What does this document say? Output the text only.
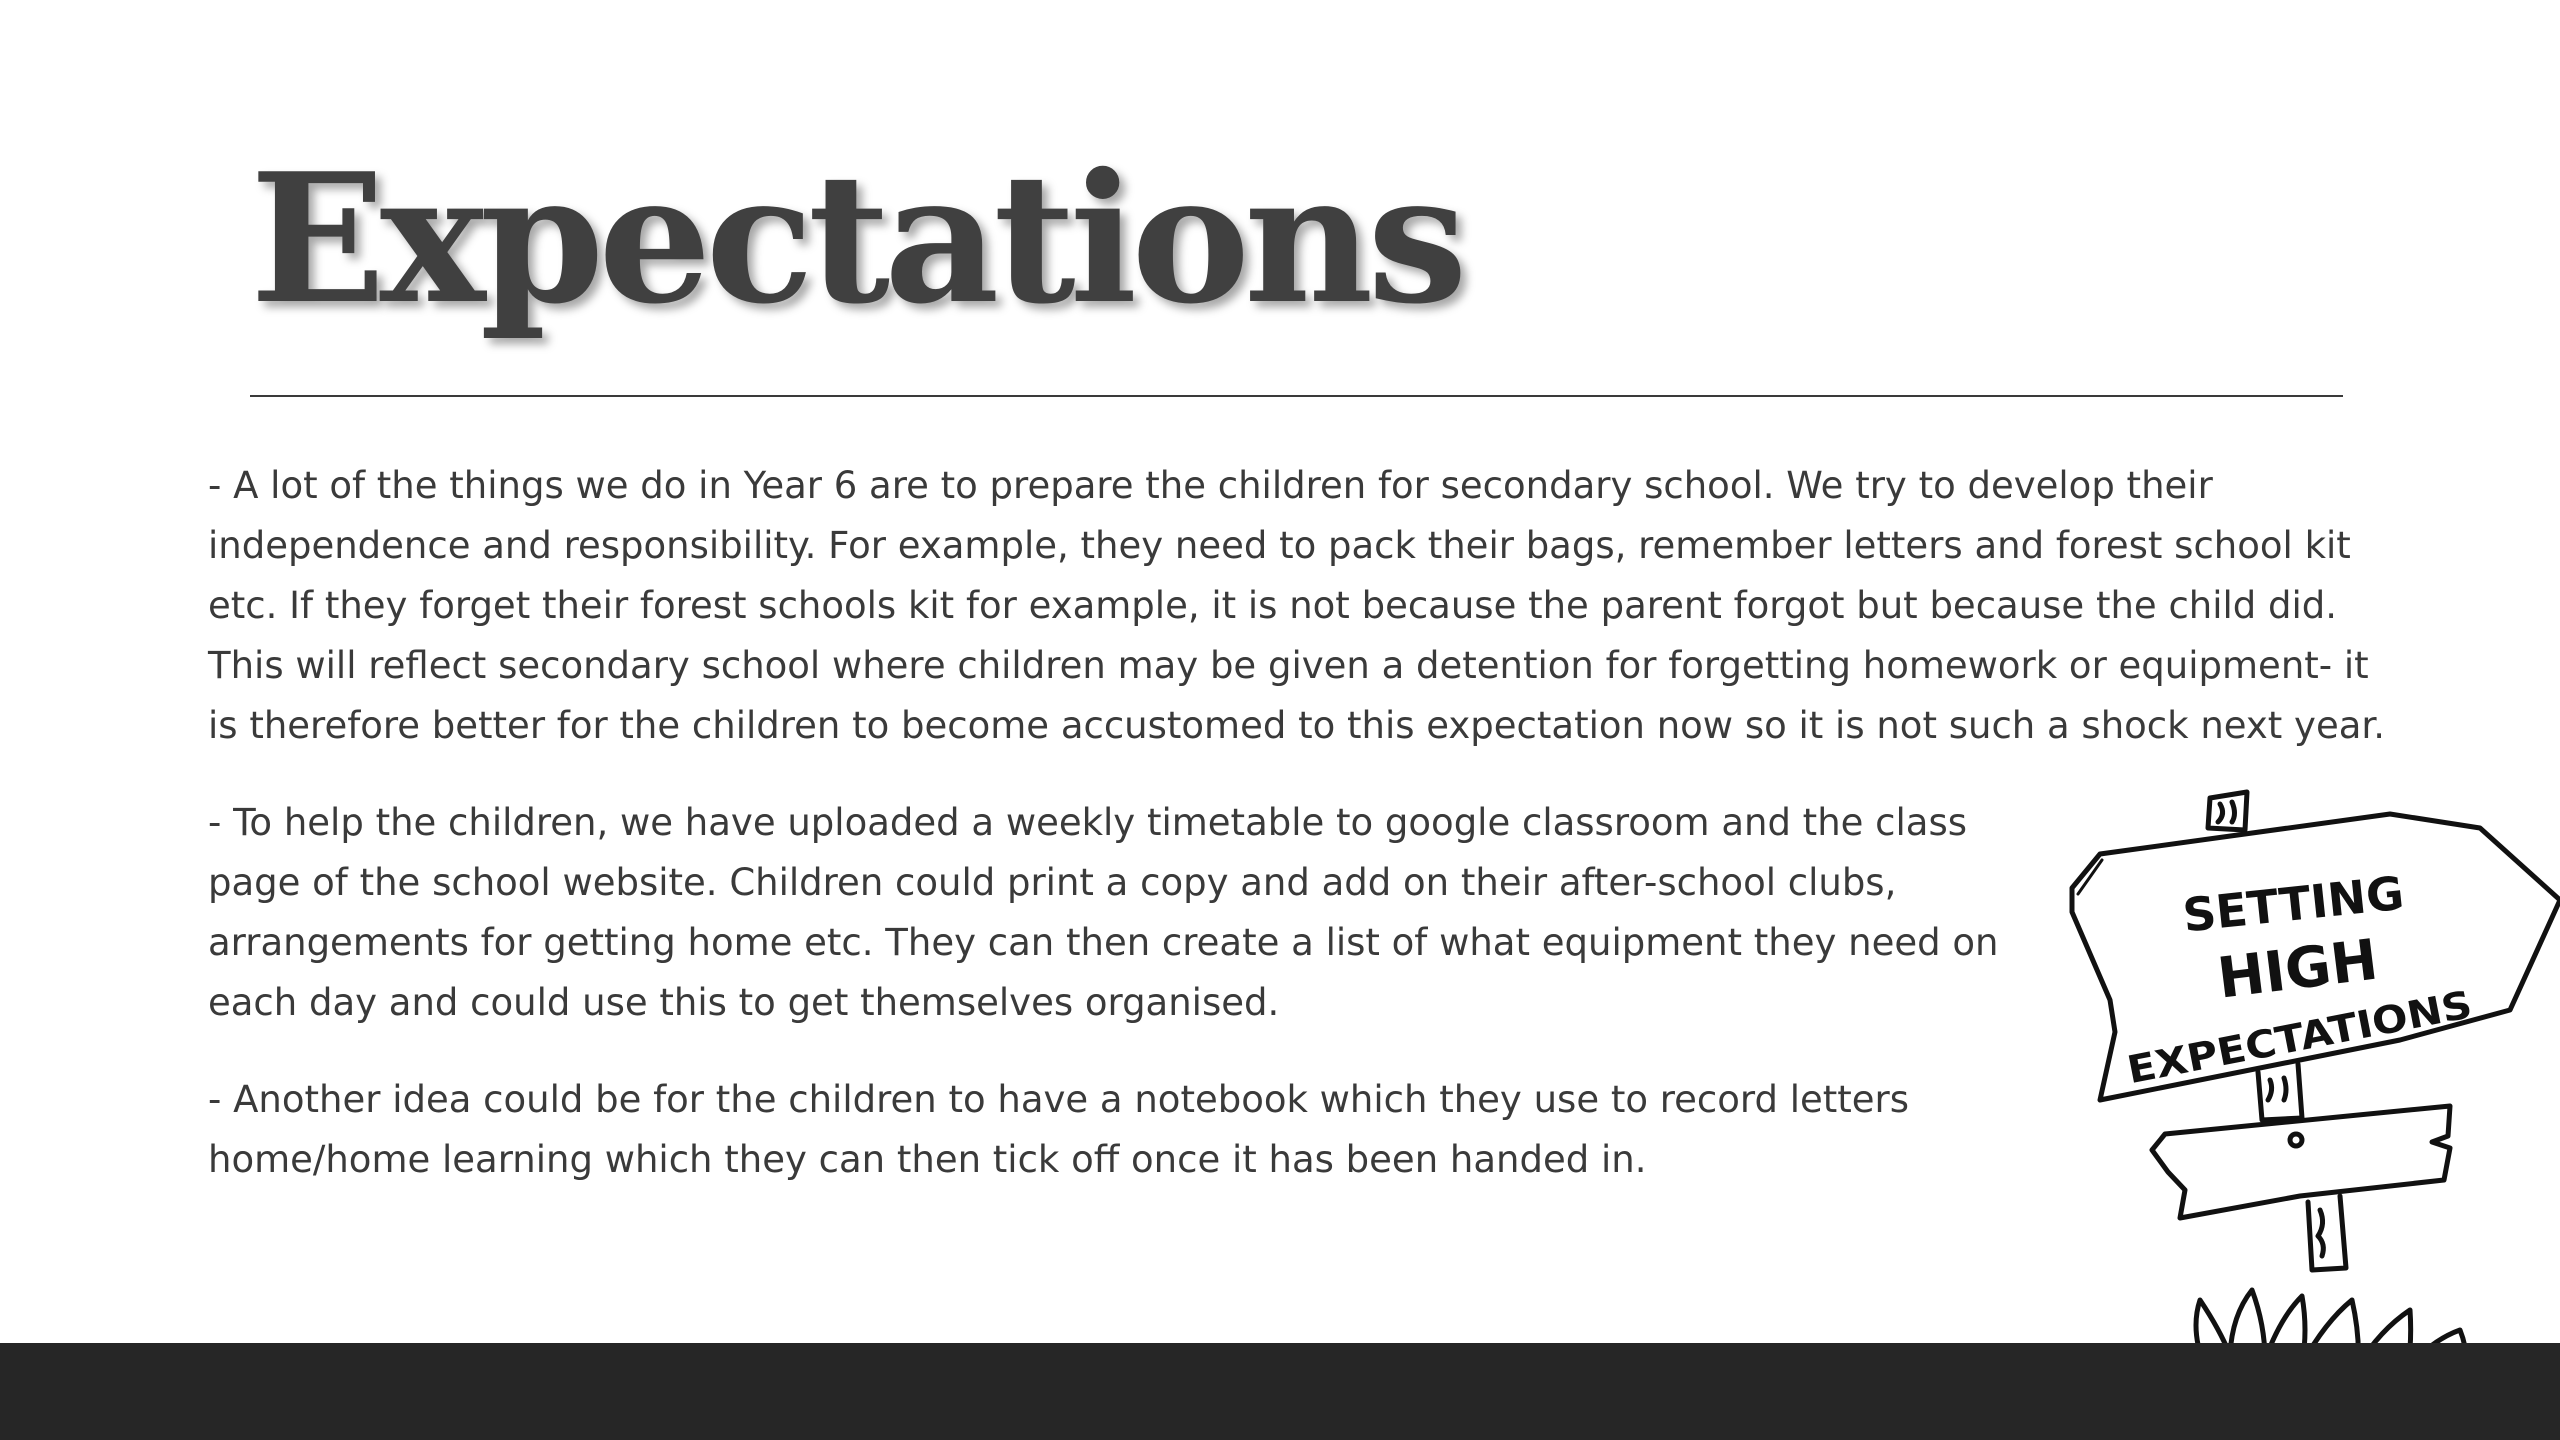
Expectations

- A lot of the things we do in Year 6 are to prepare the children for secondary school. We try to develop their independence and responsibility. For example, they need to pack their bags, remember letters and forest school kit etc. If they forget their forest schools kit for example, it is not because the parent forgot but because the child did. This will reflect secondary school where children may be given a detention for forgetting homework or equipment- it is therefore better for the children to become accustomed to this expectation now so it is not such a shock next year.

- To help the children, we have uploaded a weekly timetable to google classroom and the class page of the school website. Children could print a copy and add on their after-school clubs, arrangements for getting home etc. They can then create a list of what equipment they need on each day and could use this to get themselves organised.

- Another idea could be for the children to have a notebook which they use to record letters home/home learning which they can then tick off once it has been handed in.

SETTING
HIGH
EXPECTATIONS
